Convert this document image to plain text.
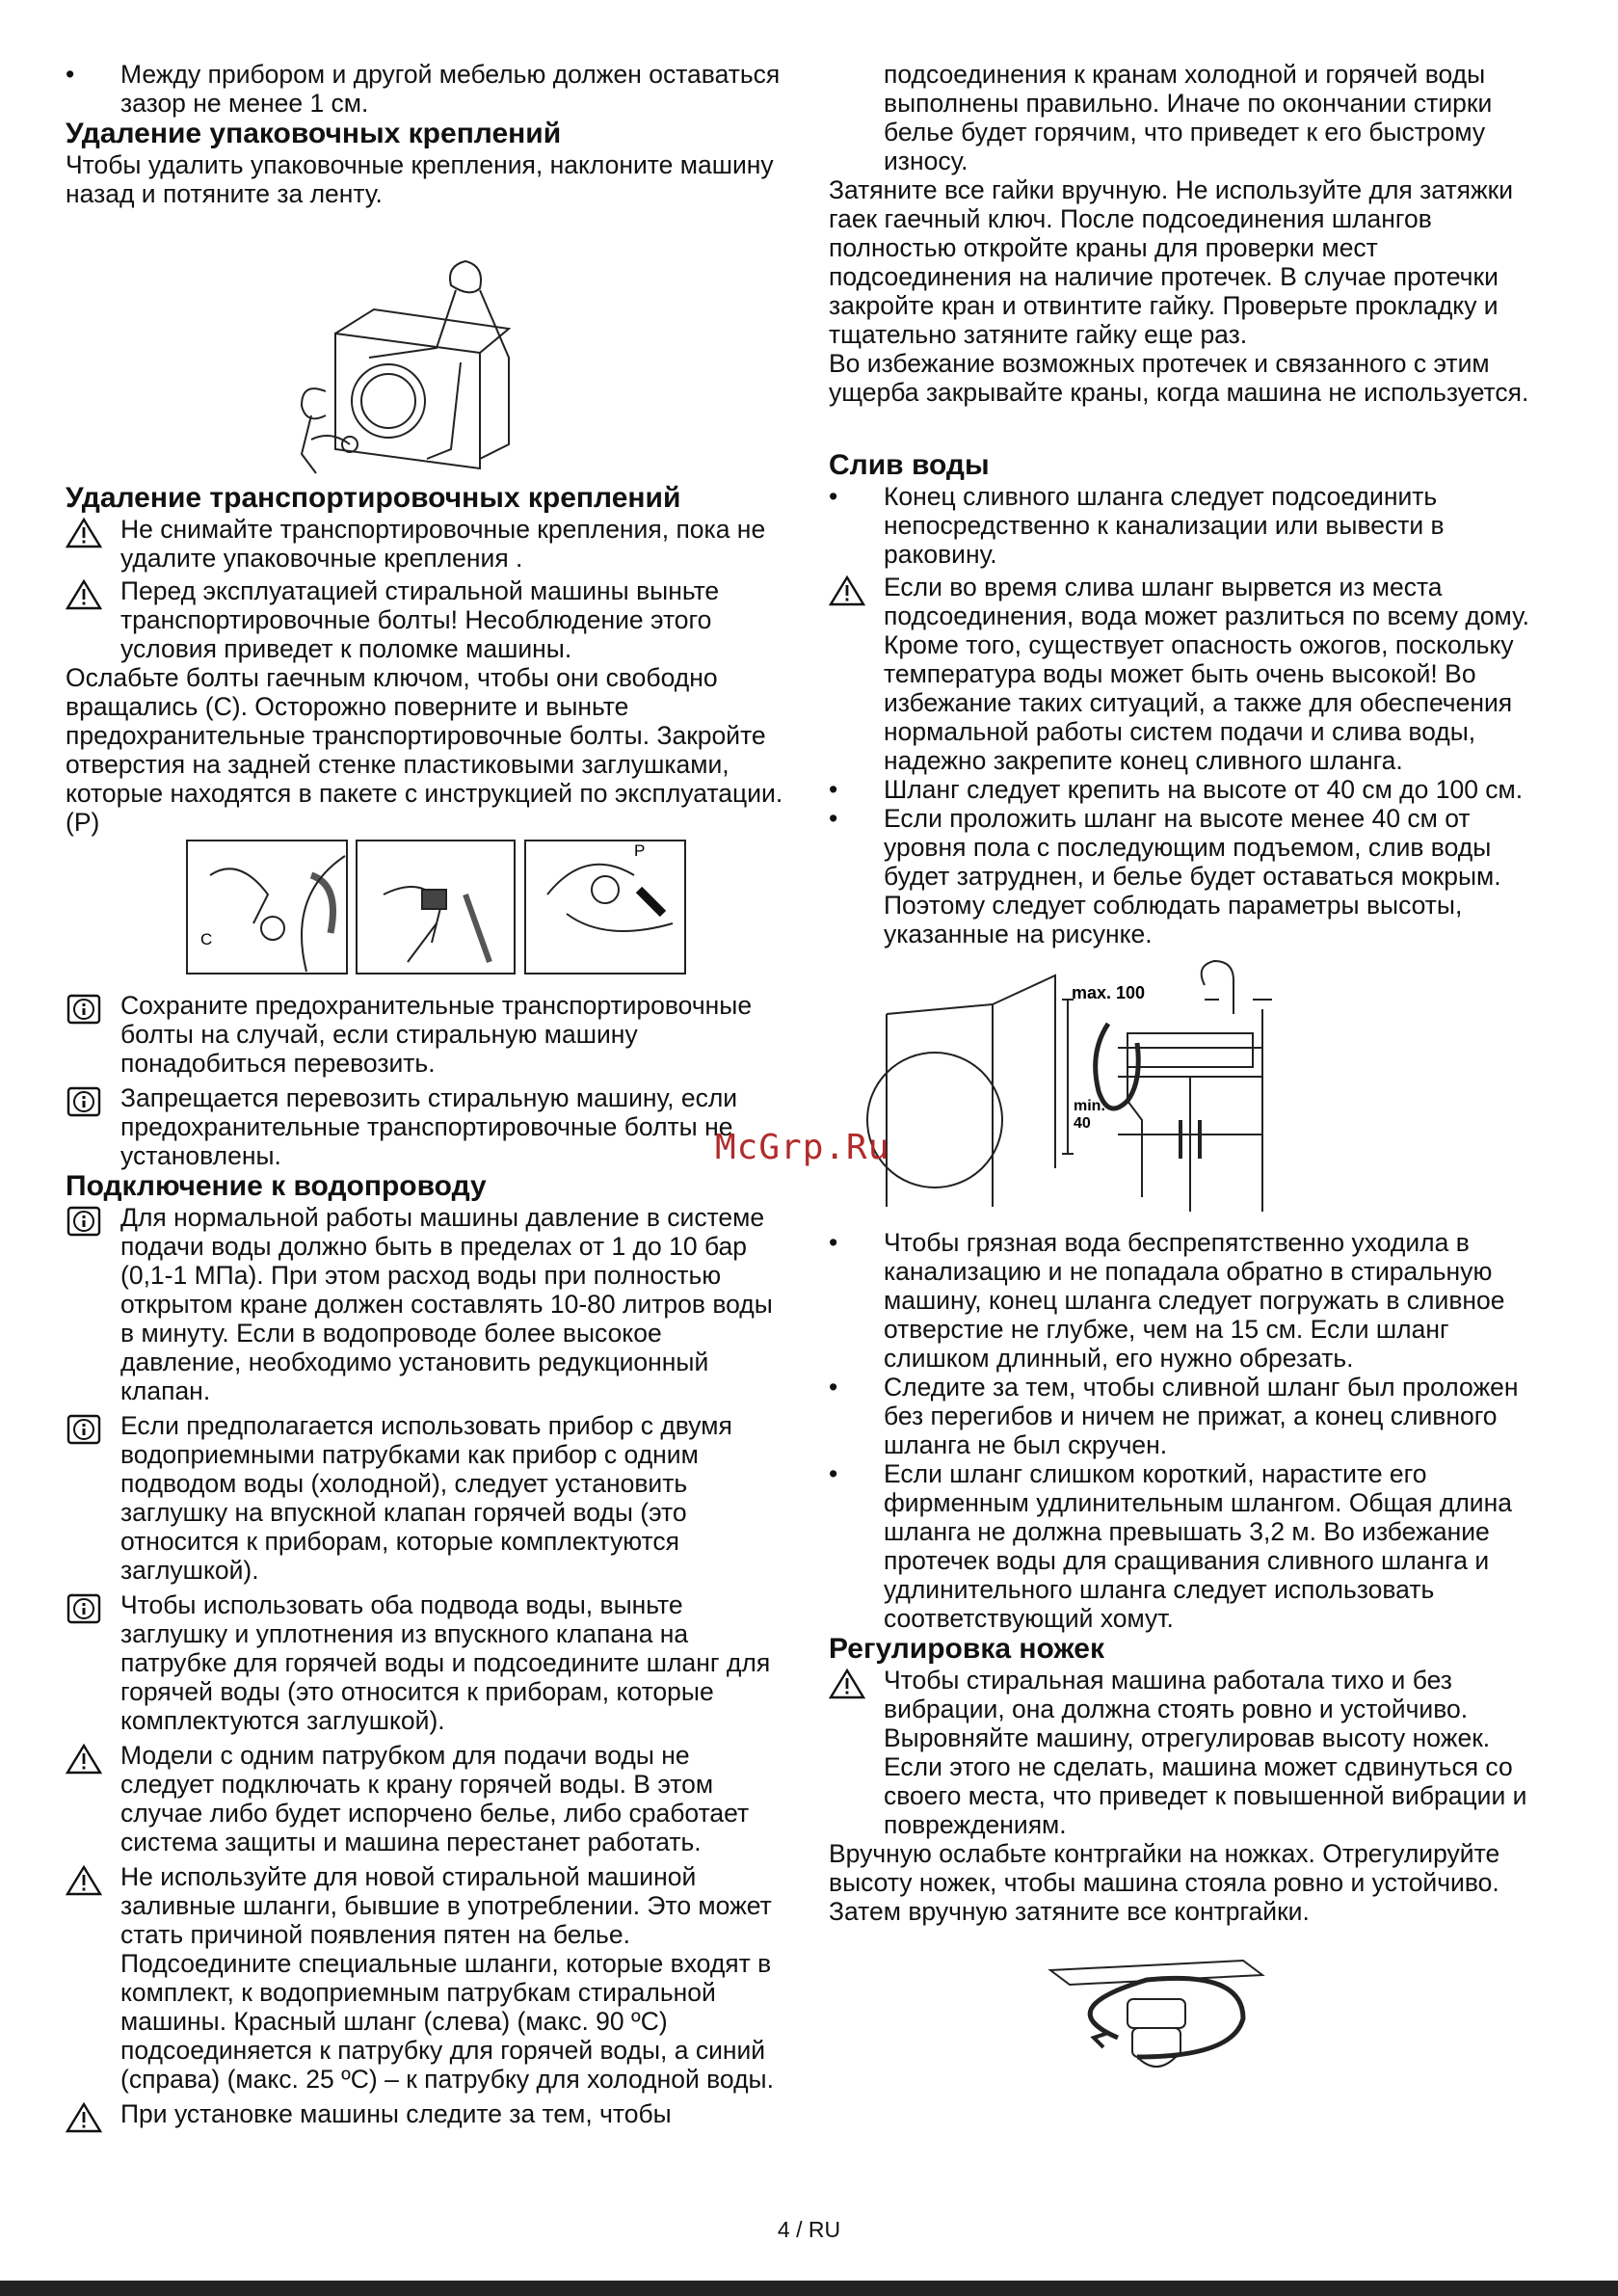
• Между прибором и другой мебелью должен оставаться зазор не менее 1 см.

Удаление упаковочных креплений

Чтобы удалить упаковочные крепления, наклоните машину назад и потяните за ленту.

Удаление транспортировочных креплений

Не снимайте транспортировочные крепления, пока не удалите упаковочные крепления .

Перед эксплуатацией стиральной машины выньте транспортировочные болты! Несоблюдение этого условия приведет к поломке машины.

Ослабьте болты гаечным ключом, чтобы они свободно вращались (C). Осторожно поверните и выньте предохранительные транспортировочные болты. Закройте отверстия на задней стенке пластиковыми заглушками, которые находятся в пакете с инструкцией по эксплуатации. (P)

C
P

Сохраните предохранительные транспортировочные болты на случай, если стиральную машину понадобиться перевозить.

Запрещается перевозить стиральную машину, если предохранительные транспортировочные болты не установлены.

Подключение к водопроводу

Для нормальной работы машины давление в системе подачи воды должно быть в пределах от 1 до 10 бар (0,1-1 МПа). При этом расход воды при полностью открытом кране должен составлять 10-80 литров воды в минуту. Если в водопроводе более высокое давление, необходимо установить редукционный клапан.

Если предполагается использовать прибор с двумя водоприемными патрубками как прибор с одним подводом воды (холодной), следует установить заглушку на впускной клапан горячей воды (это относится к приборам, которые комплектуются заглушкой).

Чтобы использовать оба подвода воды, выньте заглушку и уплотнения из впускного клапана на патрубке для горячей воды и подсоедините шланг для горячей воды (это относится к приборам, которые комплектуются заглушкой).

Модели с одним патрубком для подачи воды не следует подключать к крану горячей воды. В этом случае либо будет испорчено белье, либо сработает система защиты и машина перестанет работать.

Не используйте для новой стиральной машиной заливные шланги, бывшие в употреблении. Это может стать причиной появления пятен на белье. Подсоедините специальные шланги, которые входят в комплект, к водоприемным патрубкам стиральной машины. Красный шланг (слева) (макс. 90 ºC) подсоединяется к патрубку для горячей воды, а синий (справа) (макс. 25 ºC) – к патрубку для холодной воды.

При установке машины следите за тем, чтобы

подсоединения к кранам холодной и горячей воды выполнены правильно. Иначе по окончании стирки белье будет горячим, что приведет к его быстрому износу.

Затяните все гайки вручную. Не используйте для затяжки гаек гаечный ключ. После подсоединения шлангов полностью откройте краны для проверки мест подсоединения на наличие протечек. В случае протечки закройте кран и отвинтите гайку. Проверьте прокладку и тщательно затяните гайку еще раз.

Во избежание возможных протечек и связанного с этим ущерба закрывайте краны, когда машина не используется.

Слив воды

• Конец сливного шланга следует подсоединить непосредственно к канализации или вывести в раковину.

Если во время слива шланг вырвется из места подсоединения, вода может разлиться по всему дому. Кроме того, существует опасность ожогов, поскольку температура воды может быть очень высокой! Во избежание таких ситуаций, а также для обеспечения нормальной работы систем подачи и слива воды, надежно закрепите конец сливного шланга.

• Шланг следует крепить на высоте от 40 см до 100 см.

• Если проложить шланг на высоте менее 40 см от уровня пола с последующим подъемом, слив воды будет затруднен, и белье будет оставаться мокрым. Поэтому следует соблюдать параметры высоты, указанные на рисунке.

max. 100
min.
40

• Чтобы грязная вода беспрепятственно уходила в канализацию и не попадала обратно в стиральную машину, конец шланга следует погружать в сливное отверстие не глубже, чем на 15 см. Если шланг слишком длинный, его нужно обрезать.

• Следите за тем, чтобы сливной шланг был проложен без перегибов и ничем не прижат, а конец сливного шланга не был скручен.

• Если шланг слишком короткий, нарастите его фирменным удлинительным шлангом. Общая длина шланга не должна превышать 3,2 м. Во избежание протечек воды для сращивания сливного шланга и удлинительного шланга следует использовать соответствующий хомут.

Регулировка ножек

Чтобы стиральная машина работала тихо и без вибрации, она должна стоять ровно и устойчиво. Выровняйте машину, отрегулировав высоту ножек. Если этого не сделать, машина может сдвинуться со своего места, что приведет к повышенной вибрации и повреждениям.

Вручную ослабьте контргайки на ножках. Отрегулируйте высоту ножек, чтобы машина стояла ровно и устойчиво. Затем вручную затяните все контргайки.

McGrp.Ru
4 / RU
